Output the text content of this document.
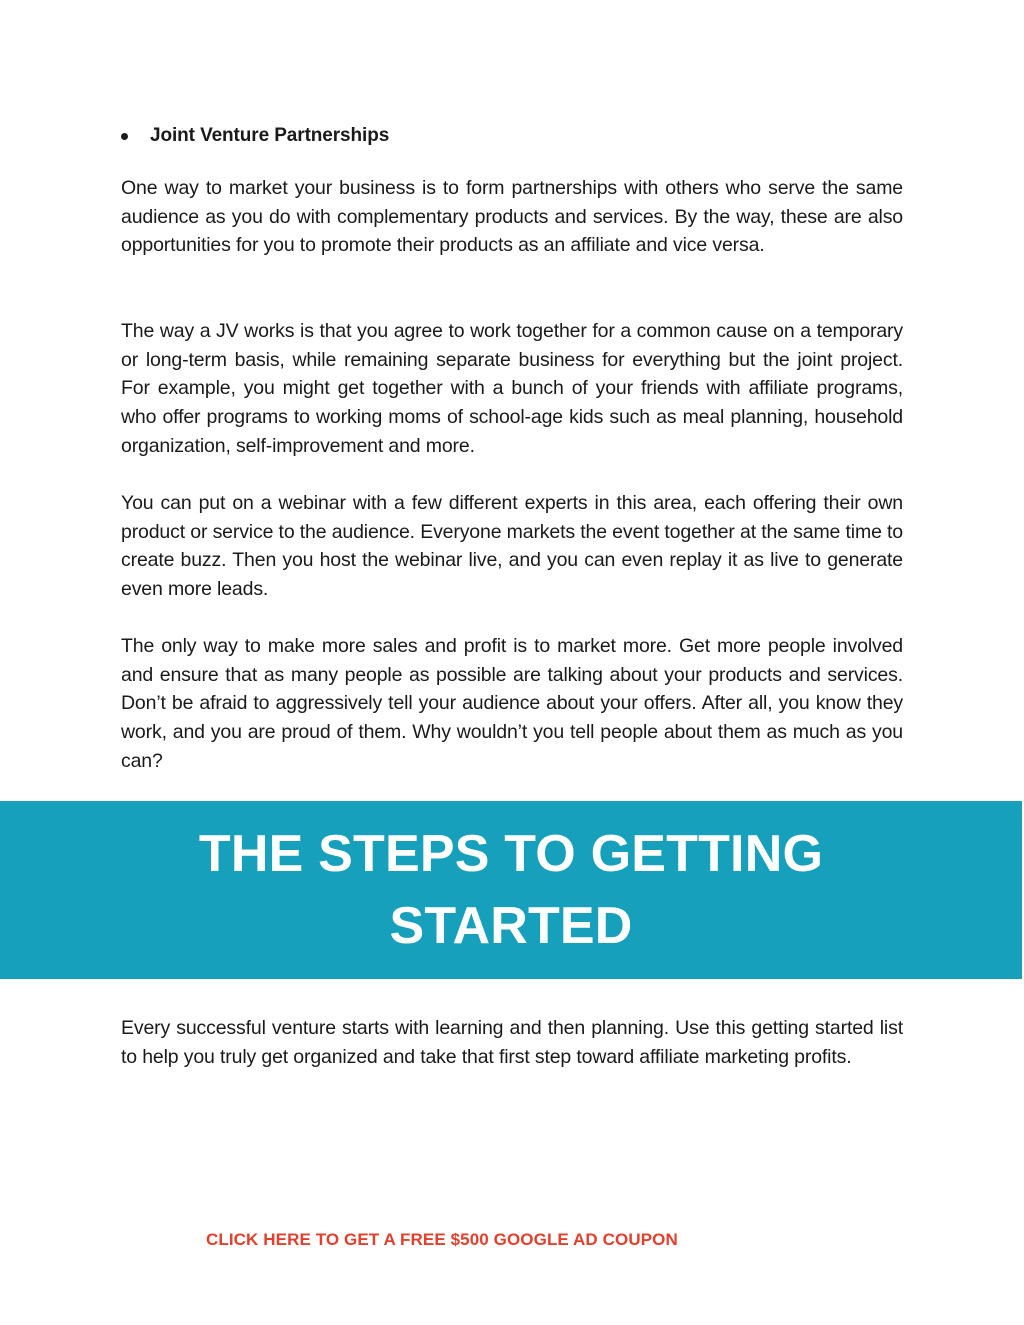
Joint Venture Partnerships

One way to market your business is to form partnerships with others who serve the same audience as you do with complementary products and services. By the way, these are also opportunities for you to promote their products as an affiliate and vice versa.

The way a JV works is that you agree to work together for a common cause on a temporary or long-term basis, while remaining separate business for everything but the joint project. For example, you might get together with a bunch of your friends with affiliate programs, who offer programs to working moms of school-age kids such as meal planning, household organization, self-improvement and more.

You can put on a webinar with a few different experts in this area, each offering their own product or service to the audience. Everyone markets the event together at the same time to create buzz. Then you host the webinar live, and you can even replay it as live to generate even more leads.

The only way to make more sales and profit is to market more. Get more people involved and ensure that as many people as possible are talking about your products and services. Don’t be afraid to aggressively tell your audience about your offers. After all, you know they work, and you are proud of them. Why wouldn’t you tell people about them as much as you can?

THE STEPS TO GETTING STARTED

Every successful venture starts with learning and then planning. Use this getting started list to help you truly get organized and take that first step toward affiliate marketing profits.

CLICK HERE TO GET A FREE $500 GOOGLE AD COUPON
